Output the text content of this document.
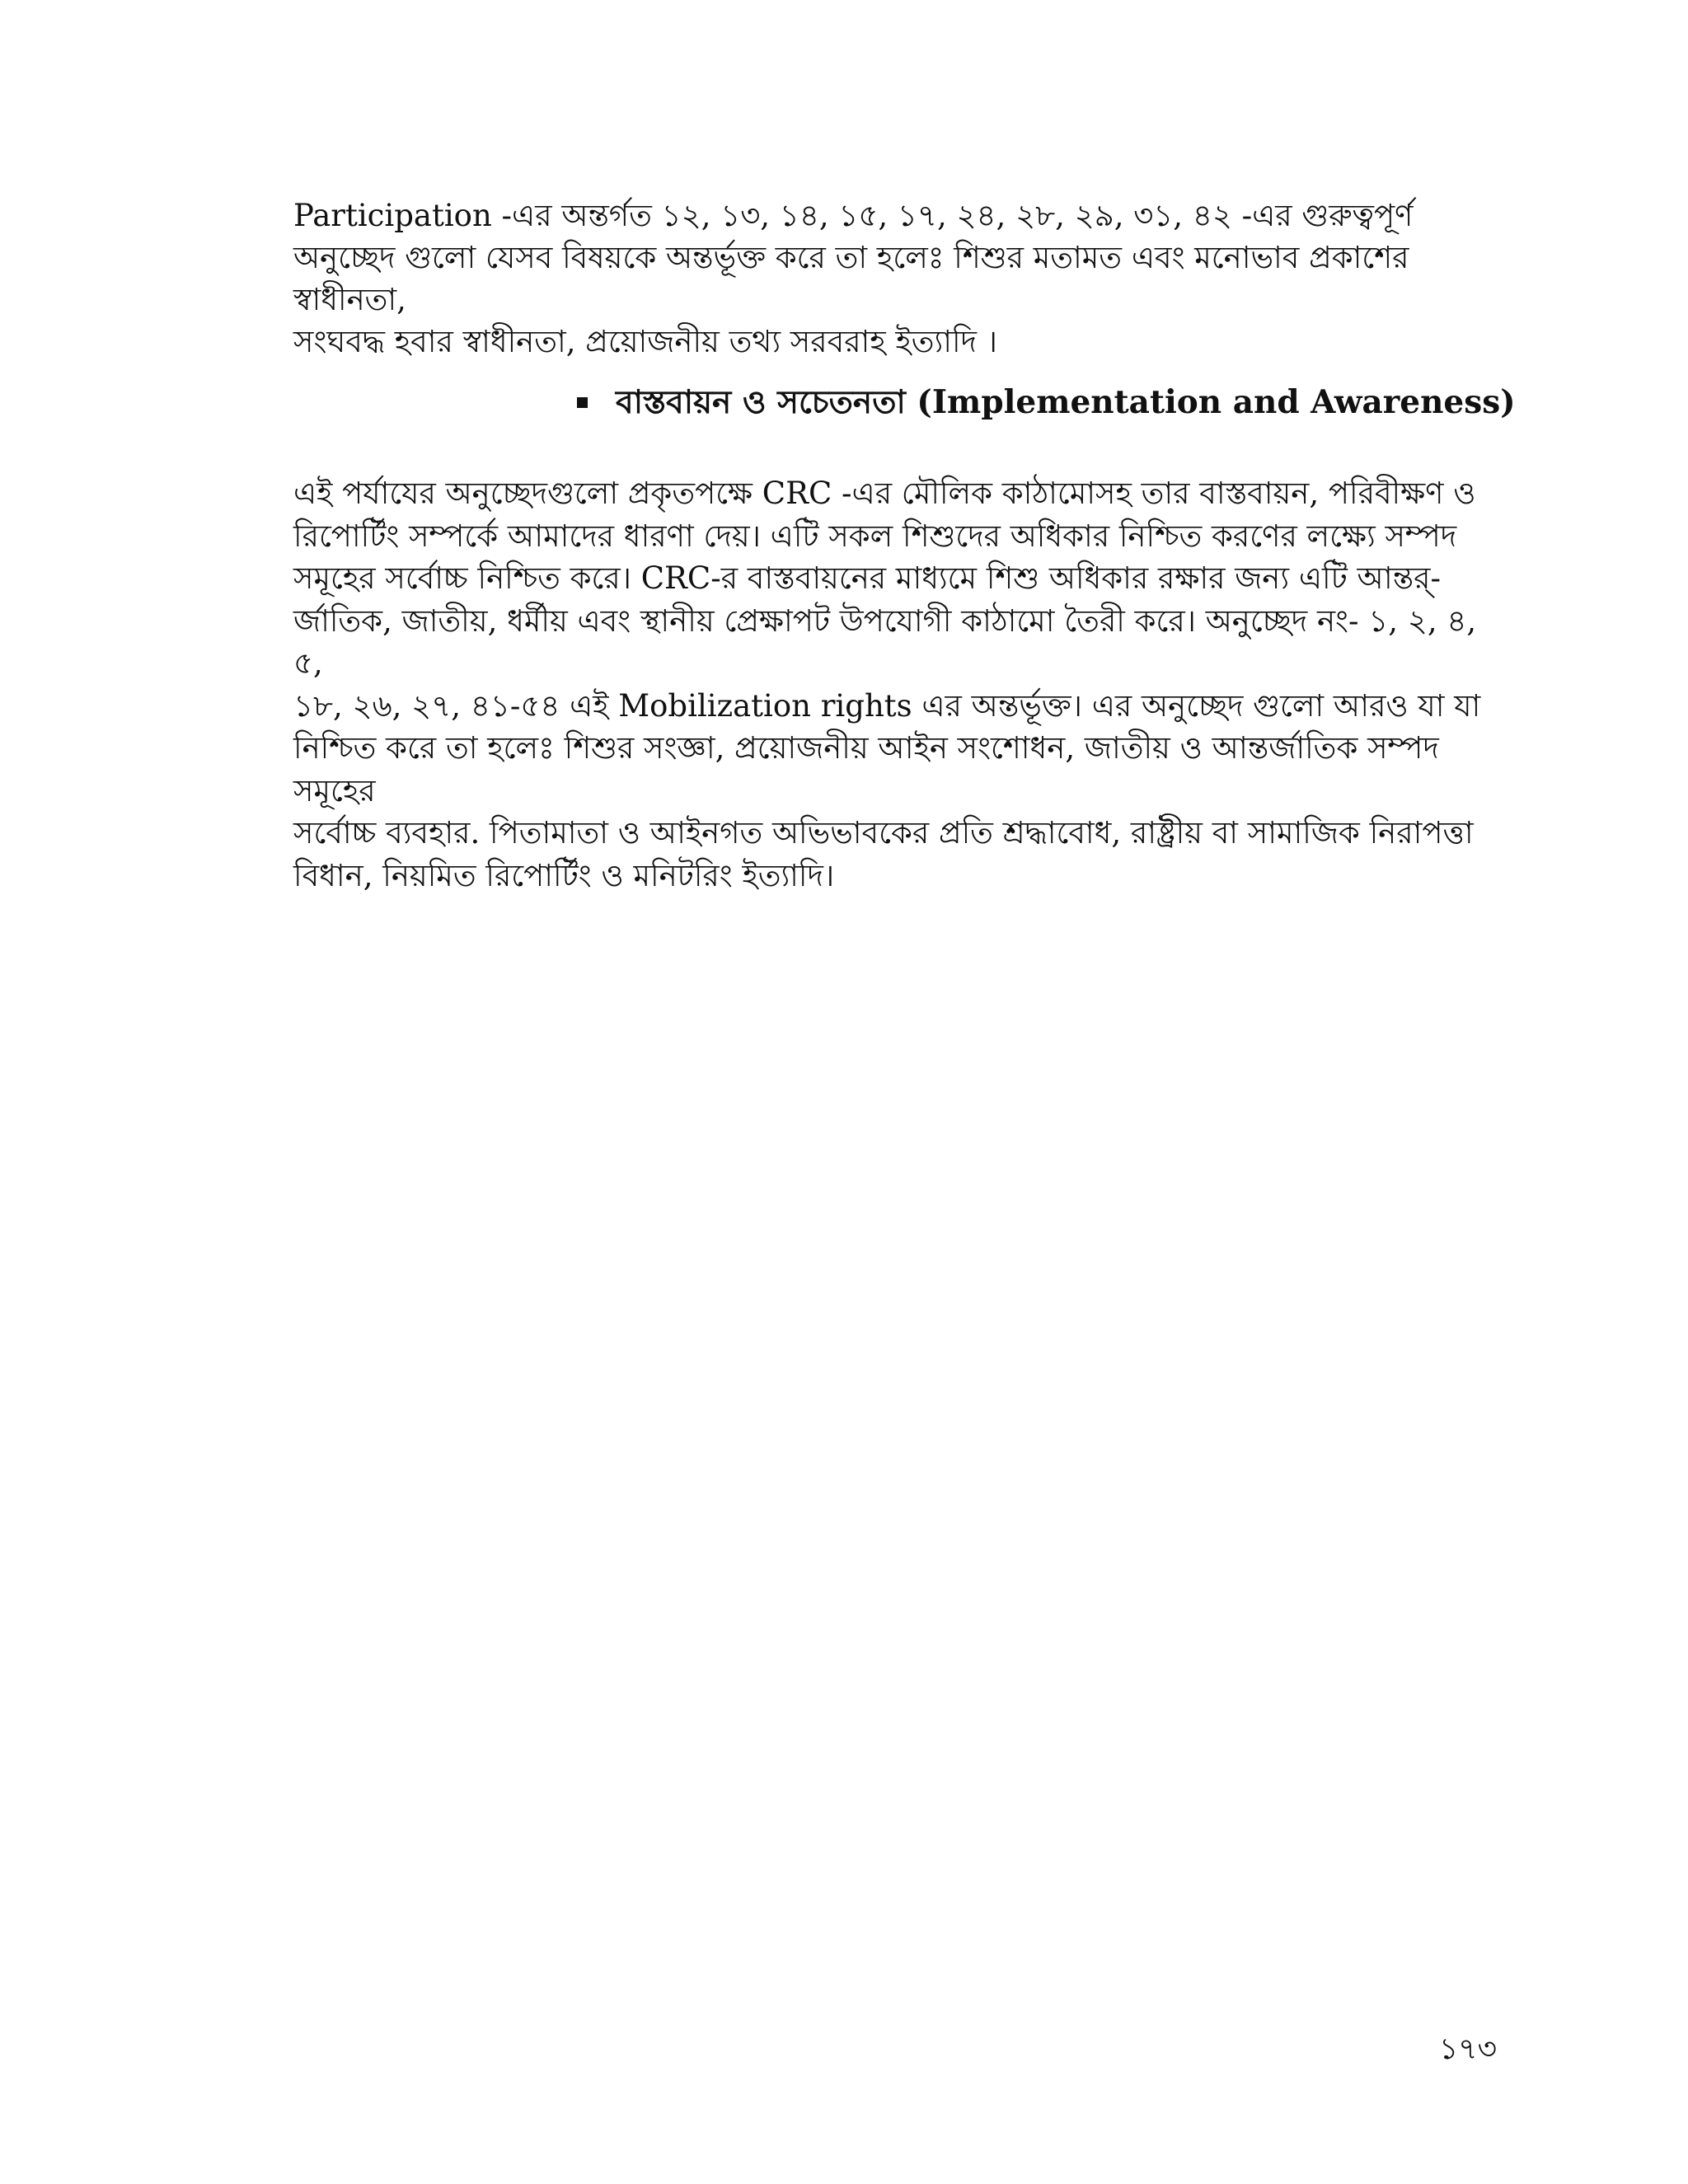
Participation -এর অন্তর্গত ১২, ১৩, ১৪, ১৫, ১৭, ২৪, ২৮, ২৯, ৩১, ৪২ -এর গুরুত্বপূর্ণ
অনুচ্ছেদ গুলো যেসব বিষয়কে অন্তর্ভূক্ত করে তা হলেঃ শিশুর মতামত এবং মনোভাব প্রকাশের স্বাধীনতা,
সংঘবদ্ধ হবার স্বাধীনতা, প্রয়োজনীয় তথ্য সরবরাহ ইত্যাদি ।
বাস্তবায়ন ও সচেতনতা (Implementation and Awareness)
এই পর্যাযের অনুচ্ছেদগুলো প্রকৃতপক্ষে CRC -এর মৌলিক কাঠামোসহ তার বাস্তবায়ন, পরিবীক্ষণ ও
রিপোর্টিং সম্পর্কে আমাদের ধারণা দেয়। এটি সকল শিশুদের অধিকার নিশ্চিত করণের লক্ষ্যে সম্পদ
সমূহের সর্বোচ্চ নিশ্চিত করে। CRC-র বাস্তবায়নের মাধ্যমে শিশু অধিকার রক্ষার জন্য এটি আন্তর্-
র্জাতিক, জাতীয়, ধর্মীয় এবং স্থানীয় প্রেক্ষাপট উপযোগী কাঠামো তৈরী করে। অনুচ্ছেদ নং- ১, ২, ৪, ৫,
১৮, ২৬, ২৭, ৪১-৫৪ এই Mobilization rights এর অন্তর্ভূক্ত। এর অনুচ্ছেদ গুলো আরও যা যা
নিশ্চিত করে তা হলেঃ শিশুর সংজ্ঞা, প্রয়োজনীয় আইন সংশোধন, জাতীয় ও আন্তর্জাতিক সম্পদ সমূহের
সর্বোচ্চ ব্যবহার. পিতামাতা ও আইনগত অভিভাবকের প্রতি শ্রদ্ধাবোধ, রাষ্ট্রীয় বা সামাজিক নিরাপত্তা
বিধান, নিয়মিত রিপোর্টিং ও মনিটরিং ইত্যাদি।
১৭৩
